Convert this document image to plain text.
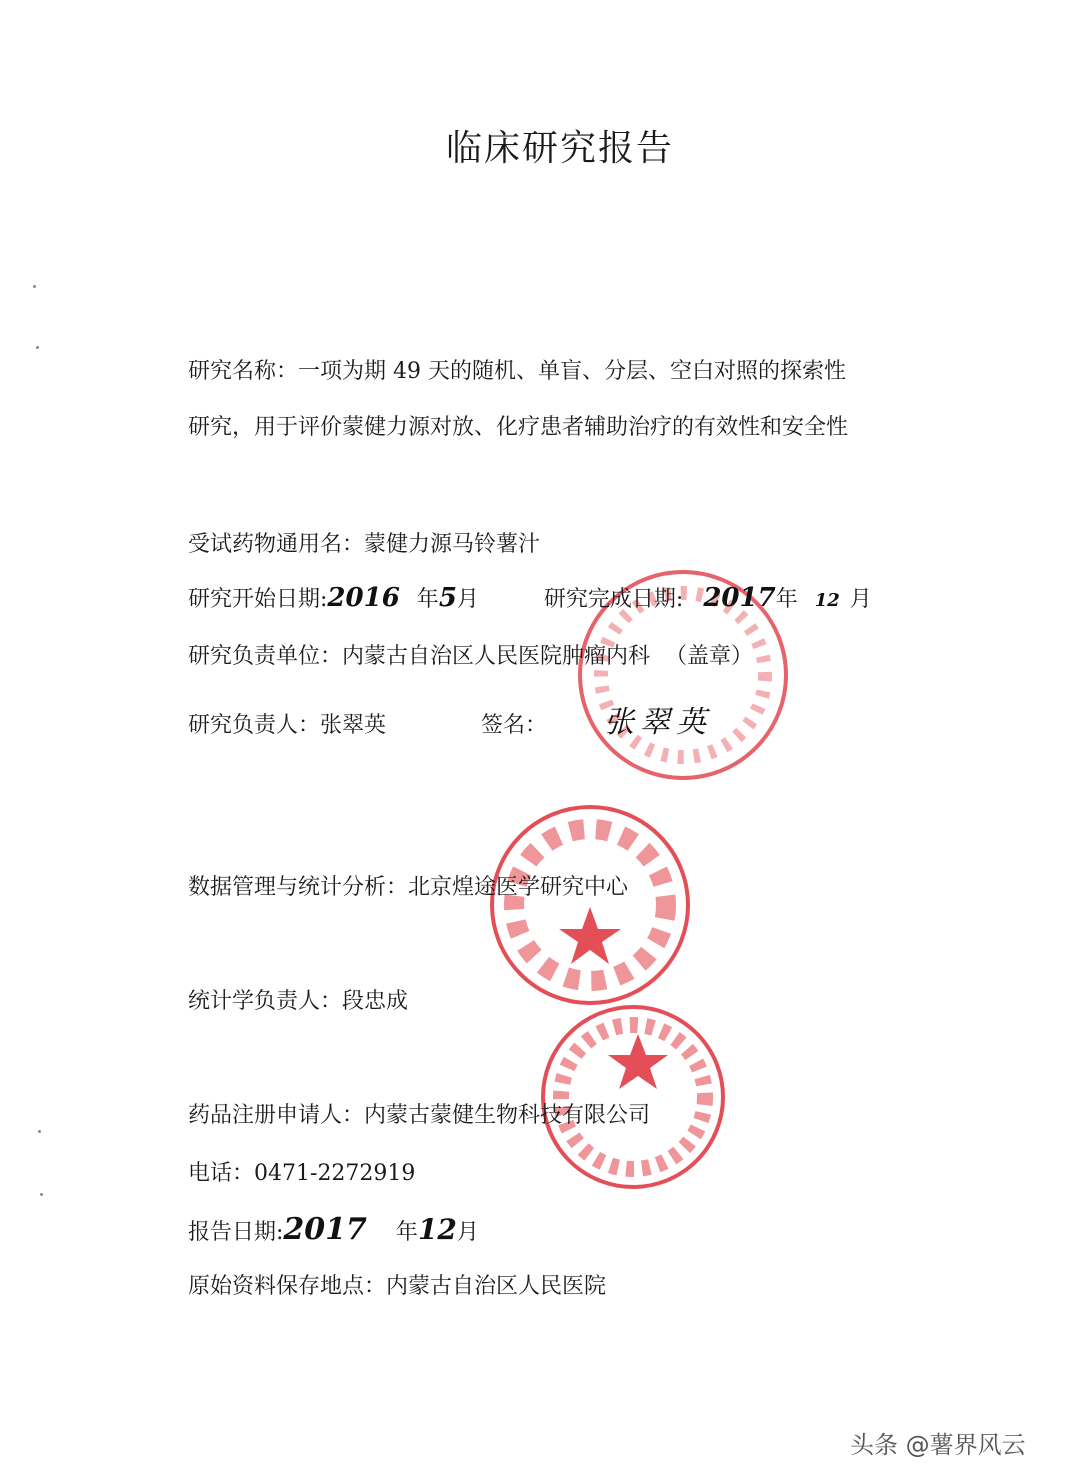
临床研究报告
研究名称：一项为期 49 天的随机、单盲、分层、空白对照的探索性
研究，用于评价蒙健力源对放、化疗患者辅助治疗的有效性和安全性
受试药物通用名：蒙健力源马铃薯汁
研究开始日期:2016 年5月	研究完成日期: 2017年 12 月
研究负责单位：内蒙古自治区人民医院肿瘤内科 （盖章）
研究负责人：张翠英	签名： 张翠英
数据管理与统计分析：北京煌途医学研究中心
统计学负责人：段忠成
药品注册申请人：内蒙古蒙健生物科技有限公司
电话：0471-2272919
报告日期:2017 年12月
原始资料保存地点：内蒙古自治区人民医院
头条 @薯界风云
